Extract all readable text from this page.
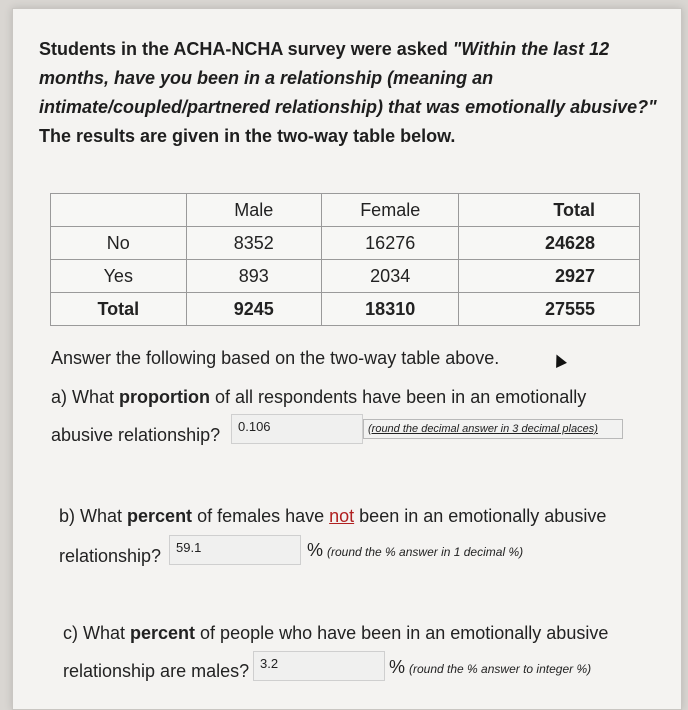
Students in the ACHA-NCHA survey were asked "Within the last 12
months, have you been in a relationship (meaning an
intimate/coupled/partnered relationship) that was emotionally abusive?"
The results are given in the two-way table below.
	Male	Female	Total
No	8352	16276	24628
Yes	893	2034	2927
Total	9245	18310	27555
Answer the following based on the two-way table above.
a) What proportion of all respondents have been in an emotionally
abusive relationship?	0.106	(round the decimal answer in 3 decimal places)
b) What percent of females have not been in an emotionally abusive
relationship?	59.1	% (round the % answer in 1 decimal %)
c) What percent of people who have been in an emotionally abusive
relationship are males? 3.2	% (round the % answer to integer %)
